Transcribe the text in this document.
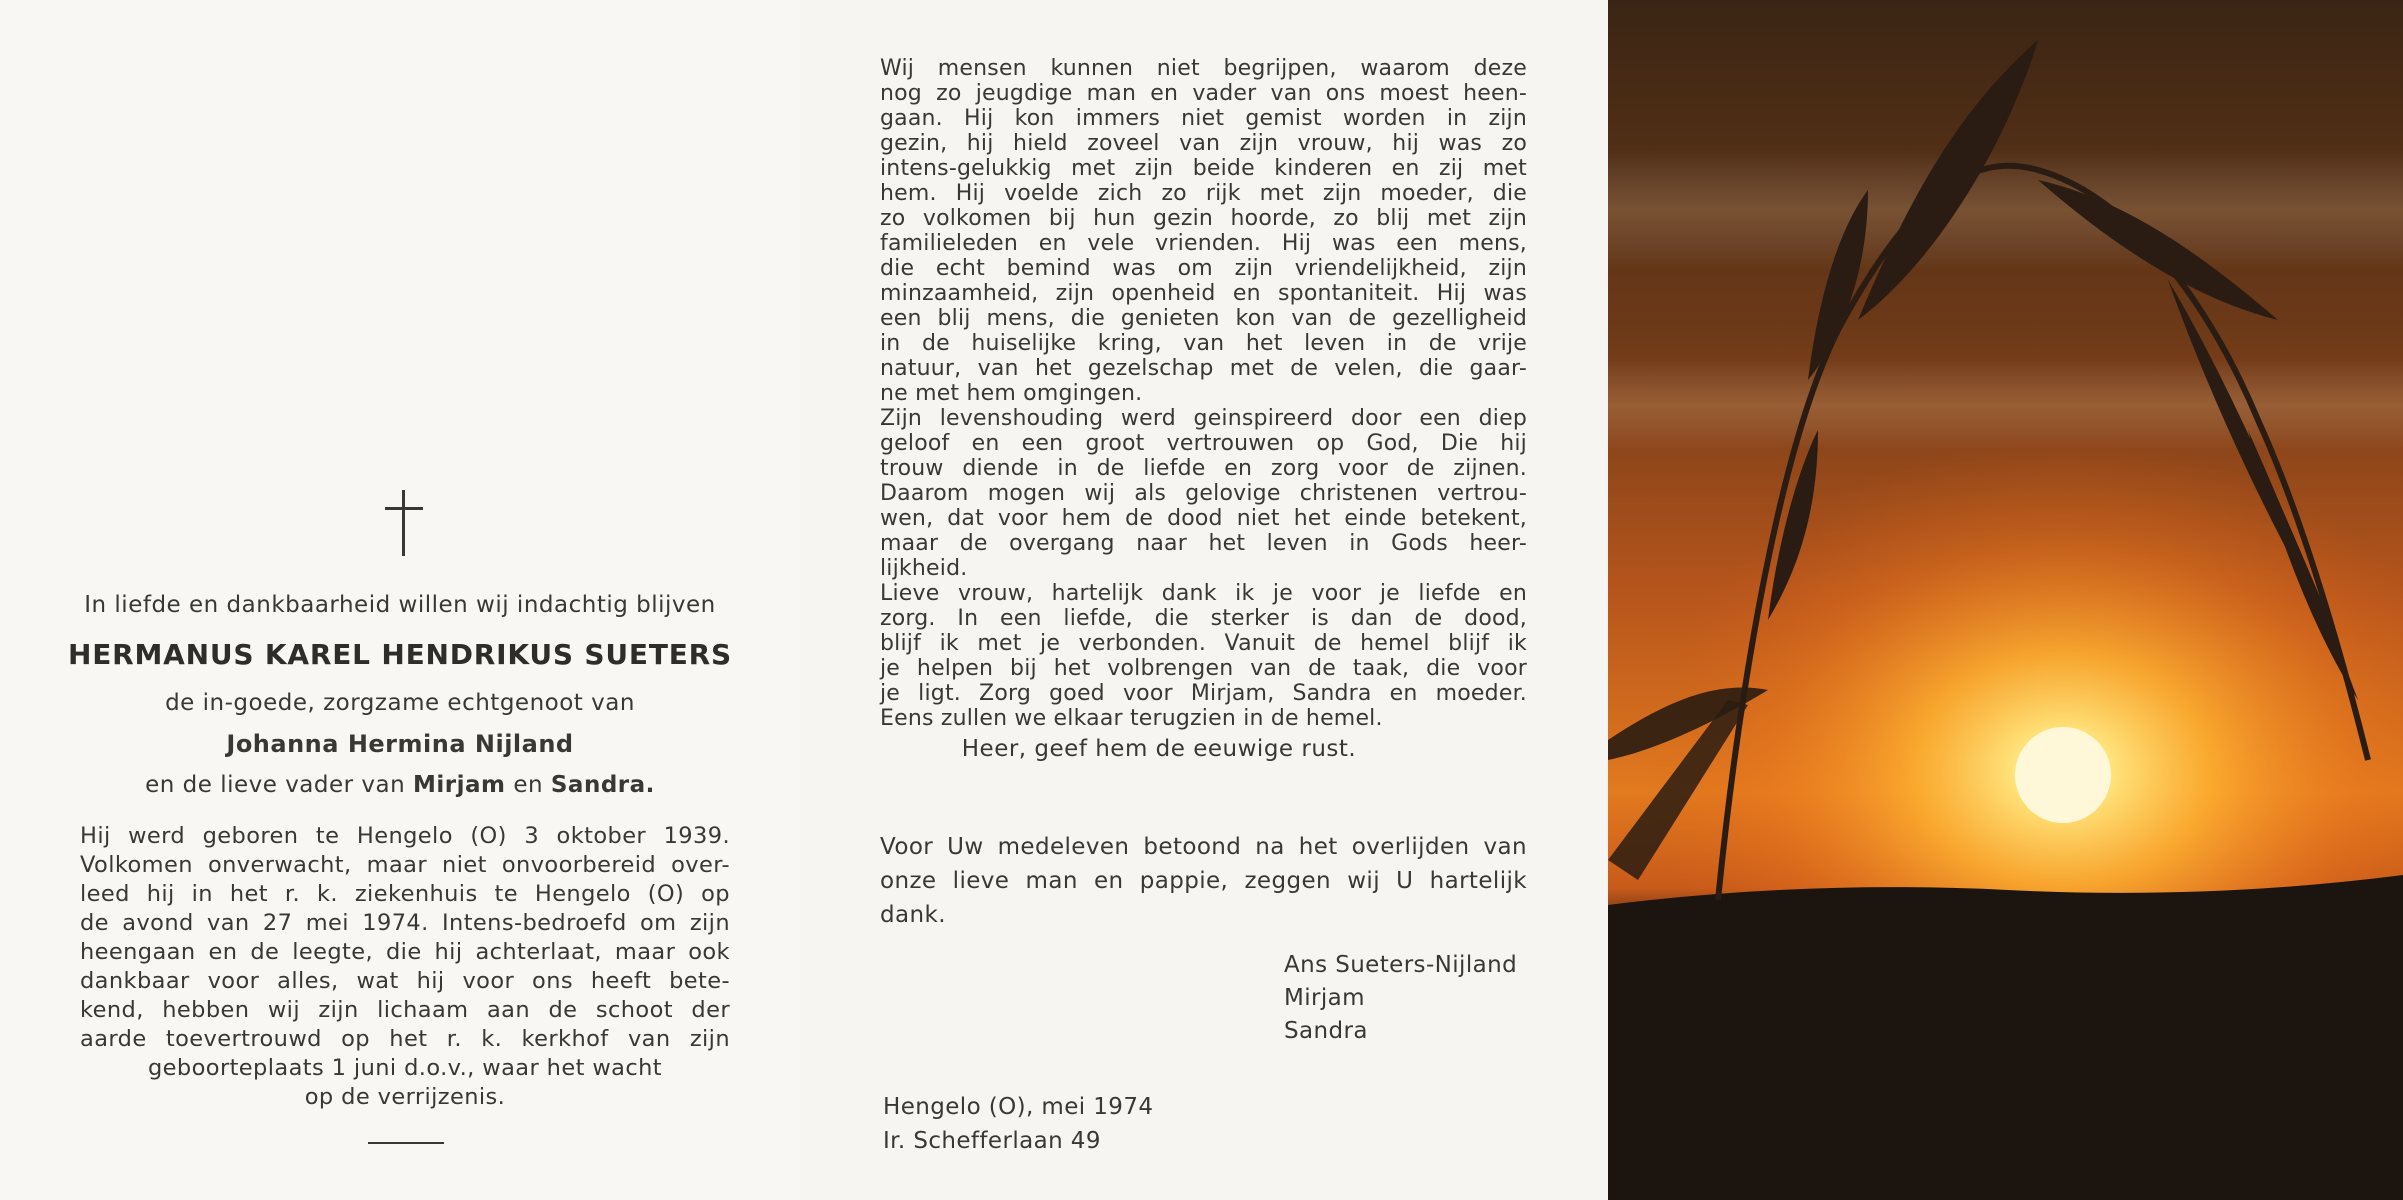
In liefde en dankbaarheid willen wij indachtig blijven
HERMANUS KAREL HENDRIKUS SUETERS
de in-goede, zorgzame echtgenoot van
Johanna Hermina Nijland
en de lieve vader van Mirjam en Sandra.
Hij werd geboren te Hengelo (O) 3 oktober 1939.
Volkomen onverwacht, maar niet onvoorbereid over-
leed hij in het r. k. ziekenhuis te Hengelo (O) op
de avond van 27 mei 1974. Intens-bedroefd om zijn
heengaan en de leegte, die hij achterlaat, maar ook
dankbaar voor alles, wat hij voor ons heeft bete-
kend, hebben wij zijn lichaam aan de schoot der
aarde toevertrouwd op het r. k. kerkhof van zijn
geboorteplaats 1 juni d.o.v., waar het wacht
op de verrijzenis.
Wij mensen kunnen niet begrijpen, waarom deze
nog zo jeugdige man en vader van ons moest heen-
gaan. Hij kon immers niet gemist worden in zijn
gezin, hij hield zoveel van zijn vrouw, hij was zo
intens-gelukkig met zijn beide kinderen en zij met
hem. Hij voelde zich zo rijk met zijn moeder, die
zo volkomen bij hun gezin hoorde, zo blij met zijn
familieleden en vele vrienden. Hij was een mens,
die echt bemind was om zijn vriendelijkheid, zijn
minzaamheid, zijn openheid en spontaniteit. Hij was
een blij mens, die genieten kon van de gezelligheid
in de huiselijke kring, van het leven in de vrije
natuur, van het gezelschap met de velen, die gaar-
ne met hem omgingen.
Zijn levenshouding werd geinspireerd door een diep
geloof en een groot vertrouwen op God, Die hij
trouw diende in de liefde en zorg voor de zijnen.
Daarom mogen wij als gelovige christenen vertrou-
wen, dat voor hem de dood niet het einde betekent,
maar de overgang naar het leven in Gods heer-
lijkheid.
Lieve vrouw, hartelijk dank ik je voor je liefde en
zorg. In een liefde, die sterker is dan de dood,
blijf ik met je verbonden. Vanuit de hemel blijf ik
je helpen bij het volbrengen van de taak, die voor
je ligt. Zorg goed voor Mirjam, Sandra en moeder.
Eens zullen we elkaar terugzien in de hemel.
Heer, geef hem de eeuwige rust.
Voor Uw medeleven betoond na het overlijden van
onze lieve man en pappie, zeggen wij U hartelijk
dank.
Ans Sueters-Nijland
Mirjam
Sandra
Hengelo (O), mei 1974
Ir. Schefferlaan 49
